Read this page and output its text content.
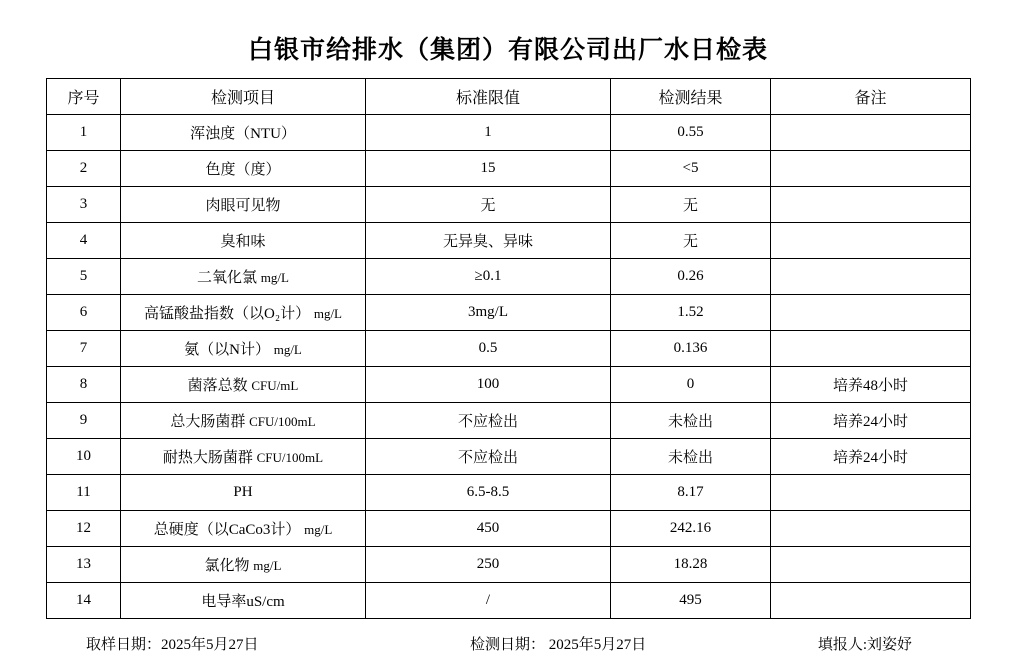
白银市给排水（集团）有限公司出厂水日检表
序号	检测项目	标准限值	检测结果	备注
1	浑浊度（NTU）	1	0.55	
2	色度（度）	15	<5	
3	肉眼可见物	无	无	
4	臭和味	无异臭、异味	无	
5	二氧化氯 mg/L	≥0.1	0.26	
6	高锰酸盐指数（以O₂计） mg/L	3mg/L	1.52	
7	氨（以N计） mg/L	0.5	0.136	
8	菌落总数 CFU/mL	100	0	培养48小时
9	总大肠菌群 CFU/100mL	不应检出	未检出	培养24小时
10	耐热大肠菌群 CFU/100mL	不应检出	未检出	培养24小时
11	PH	6.5-8.5	8.17	
12	总硬度（以CaCo3计） mg/L	450	242.16	
13	氯化物 mg/L	250	18.28	
14	电导率uS/cm	/	495	
取样日期：2025年5月27日	检测日期： 2025年5月27日	填报人:刘姿妤
